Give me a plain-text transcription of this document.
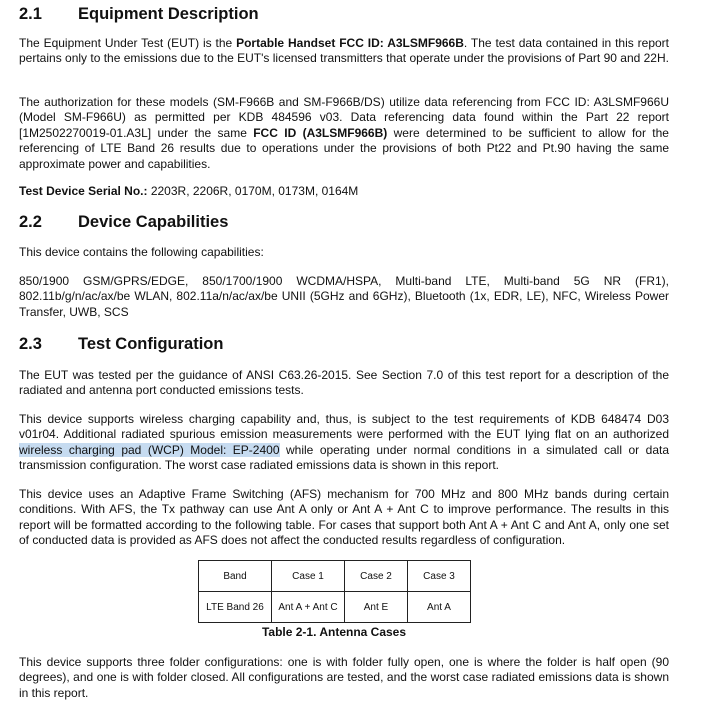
2.1 Equipment Description

The Equipment Under Test (EUT) is the Portable Handset FCC ID: A3LSMF966B. The test data contained in this report pertains only to the emissions due to the EUT's licensed transmitters that operate under the provisions of Part 90 and 22H.

The authorization for these models (SM-F966B and SM-F966B/DS) utilize data referencing from FCC ID: A3LSMF966U (Model SM-F966U) as permitted per KDB 484596 v03. Data referencing data found within the Part 22 report [1M2502270019-01.A3L] under the same FCC ID (A3LSMF966B) were determined to be sufficient to allow for the referencing of LTE Band 26 results due to operations under the provisions of both Pt22 and Pt.90 having the same approximate power and capabilities.

Test Device Serial No.: 2203R, 2206R, 0170M, 0173M, 0164M

2.2 Device Capabilities

This device contains the following capabilities:

850/1900 GSM/GPRS/EDGE, 850/1700/1900 WCDMA/HSPA, Multi-band LTE, Multi-band 5G NR (FR1), 802.11b/g/n/ac/ax/be WLAN, 802.11a/n/ac/ax/be UNII (5GHz and 6GHz), Bluetooth (1x, EDR, LE), NFC, Wireless Power Transfer, UWB, SCS

2.3 Test Configuration

The EUT was tested per the guidance of ANSI C63.26-2015. See Section 7.0 of this test report for a description of the radiated and antenna port conducted emissions tests.

This device supports wireless charging capability and, thus, is subject to the test requirements of KDB 648474 D03 v01r04. Additional radiated spurious emission measurements were performed with the EUT lying flat on an authorized wireless charging pad (WCP) Model: EP-2400 while operating under normal conditions in a simulated call or data transmission configuration. The worst case radiated emissions data is shown in this report.

This device uses an Adaptive Frame Switching (AFS) mechanism for 700 MHz and 800 MHz bands during certain conditions. With AFS, the Tx pathway can use Ant A only or Ant A + Ant C to improve performance. The results in this report will be formatted according to the following table. For cases that support both Ant A + Ant C and Ant A, only one set of conducted data is provided as AFS does not affect the conducted results regardless of configuration.

Band	Case 1	Case 2	Case 3
LTE Band 26	Ant A + Ant C	Ant E	Ant A

Table 2-1. Antenna Cases

This device supports three folder configurations: one is with folder fully open, one is where the folder is half open (90 degrees), and one is with folder closed. All configurations are tested, and the worst case radiated emissions data is shown in this report.
